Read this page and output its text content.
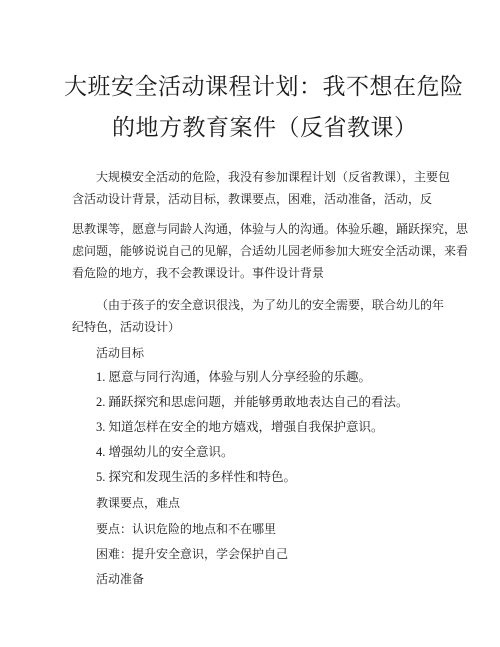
大班安全活动课程计划：我不想在危险
的地方教育案件（反省教课）
大规模安全活动的危险，我没有参加课程计划（反省教课），主要包
含活动设计背景，活动目标，教课要点，困难，活动准备，活动，反
思教课等，愿意与同龄人沟通，体验与人的沟通。体验乐趣，踊跃探究，思
虑问题，能够说说自己的见解，合适幼儿园老师参加大班安全活动课，来看
看危险的地方，我不会教课设计。事件设计背景
（由于孩子的安全意识很浅，为了幼儿的安全需要，联合幼儿的年
纪特色，活动设计）
活动目标
1. 愿意与同行沟通，体验与别人分享经验的乐趣。
2. 踊跃探究和思虑问题，并能够勇敢地表达自己的看法。
3. 知道怎样在安全的地方嬉戏，增强自我保护意识。
4. 增强幼儿的安全意识。
5. 探究和发现生活的多样性和特色。
教课要点，难点
要点：认识危险的地点和不在哪里
困难：提升安全意识，学会保护自己
活动准备
